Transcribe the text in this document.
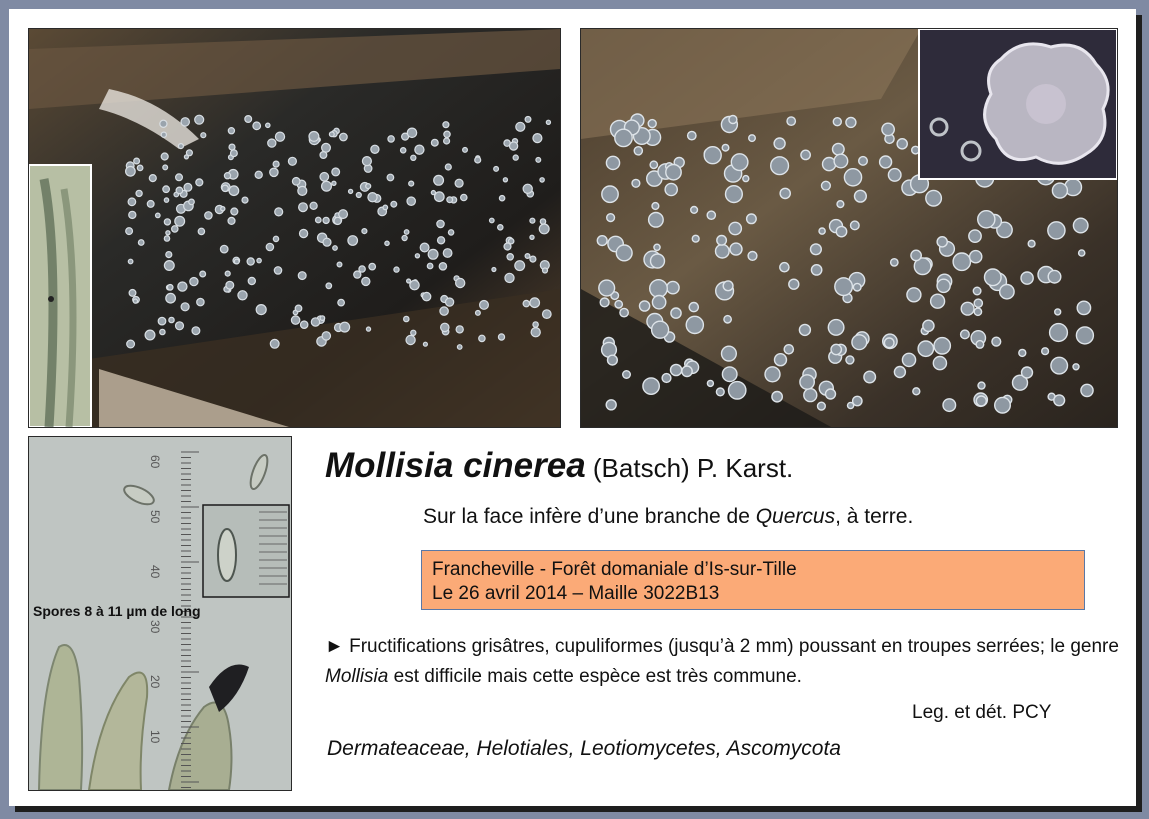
60
50
40
30
20
10
Spores 8 à 11 µm de long
Mollisia cinerea (Batsch) P. Karst.
Sur la face infère d’une branche de Quercus, à terre.
Francheville - Forêt domaniale d’Is-sur-Tille
Le 26 avril 2014 – Maille 3022B13
► Fructifications grisâtres, cupuliformes (jusqu’à 2 mm) poussant en troupes serrées; le genre Mollisia est difficile mais cette espèce est très commune.
Leg. et dét. PCY
Dermateaceae, Helotiales, Leotiomycetes, Ascomycota
